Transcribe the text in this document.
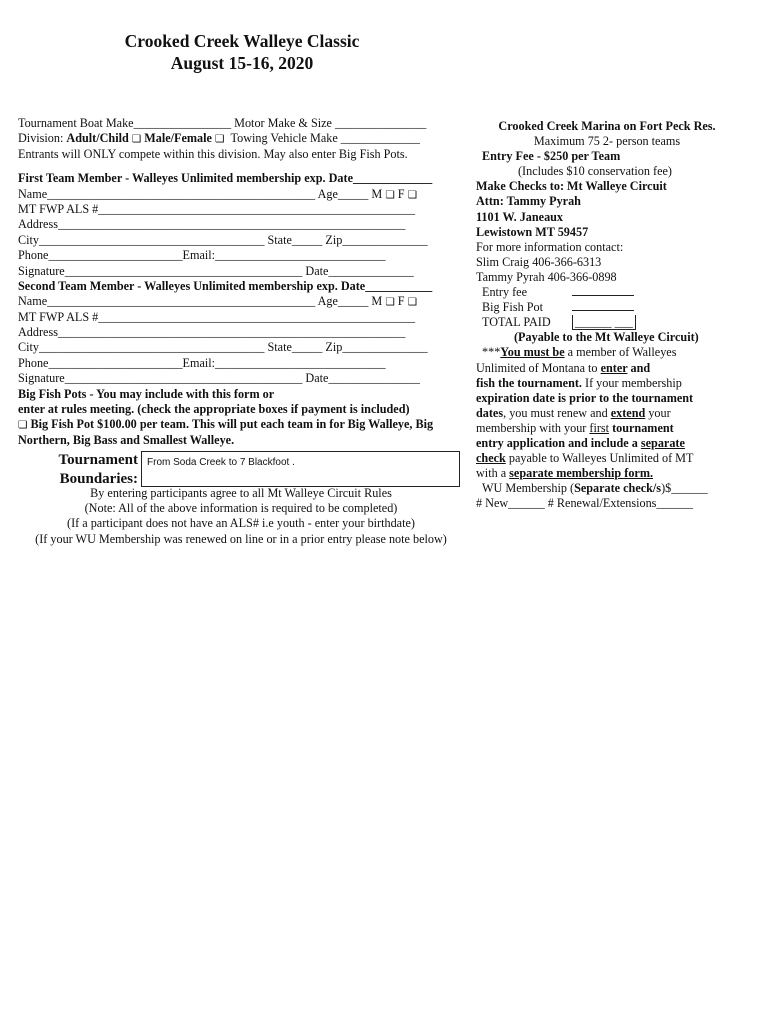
Crooked Creek Walleye Classic
August 15-16, 2020
Tournament Boat Make________________ Motor Make & Size _______________
Division: Adult/Child ❏ Male/Female ❏ Towing Vehicle Make _____________
Entrants will ONLY compete within this division. May also enter Big Fish Pots.
First Team Member - Walleyes Unlimited membership exp. Date_____________
Name____________________________________________ Age_____ M ❏ F ❏
MT FWP ALS #____________________________________________________
Address_________________________________________________________
City_____________________________________ State_____ Zip______________
Phone______________________Email:____________________________
Signature_______________________________________ Date______________
Second Team Member - Walleyes Unlimited membership exp. Date___________
Name____________________________________________ Age_____ M ❏ F ❏
MT FWP ALS #____________________________________________________
Address_________________________________________________________
City_____________________________________ State_____ Zip______________
Phone______________________Email:____________________________
Signature_______________________________________ Date_______________
Big Fish Pots - You may include with this form or
enter at rules meeting. (check the appropriate boxes if payment is included)
❏ Big Fish Pot $100.00 per team. This will put each team in for Big Walleye, Big
Northern, Big Bass and Smallest Walleye.
Tournament
Boundaries:
From Soda Creek to 7 Blackfoot .
By entering participants agree to all Mt Walleye Circuit Rules
(Note: All of the above information is required to be completed)
(If a participant does not have an ALS# i.e youth - enter your birthdate)
(If your WU Membership was renewed on line or in a prior entry please note below)
Crooked Creek Marina on Fort Peck Res.
Maximum 75 2- person teams
Entry Fee - $250 per Team
(Includes $10 conservation fee)
Make Checks to: Mt Walleye Circuit
Attn: Tammy Pyrah
1101 W. Janeaux
Lewistown MT 59457
For more information contact:
Slim Craig 406-366-6313
Tammy Pyrah 406-366-0898
Entry fee
Big Fish Pot
TOTAL PAID ______ ___
(Payable to the Mt Walleye Circuit)
***You must be a member of Walleyes
Unlimited of Montana to enter and
fish the tournament. If your membership
expiration date is prior to the tournament
dates, you must renew and extend your
membership with your first tournament
entry application and include a separate
check payable to Walleyes Unlimited of MT
with a separate membership form.
WU Membership (Separate check/s)$______
# New______ # Renewal/Extensions______
